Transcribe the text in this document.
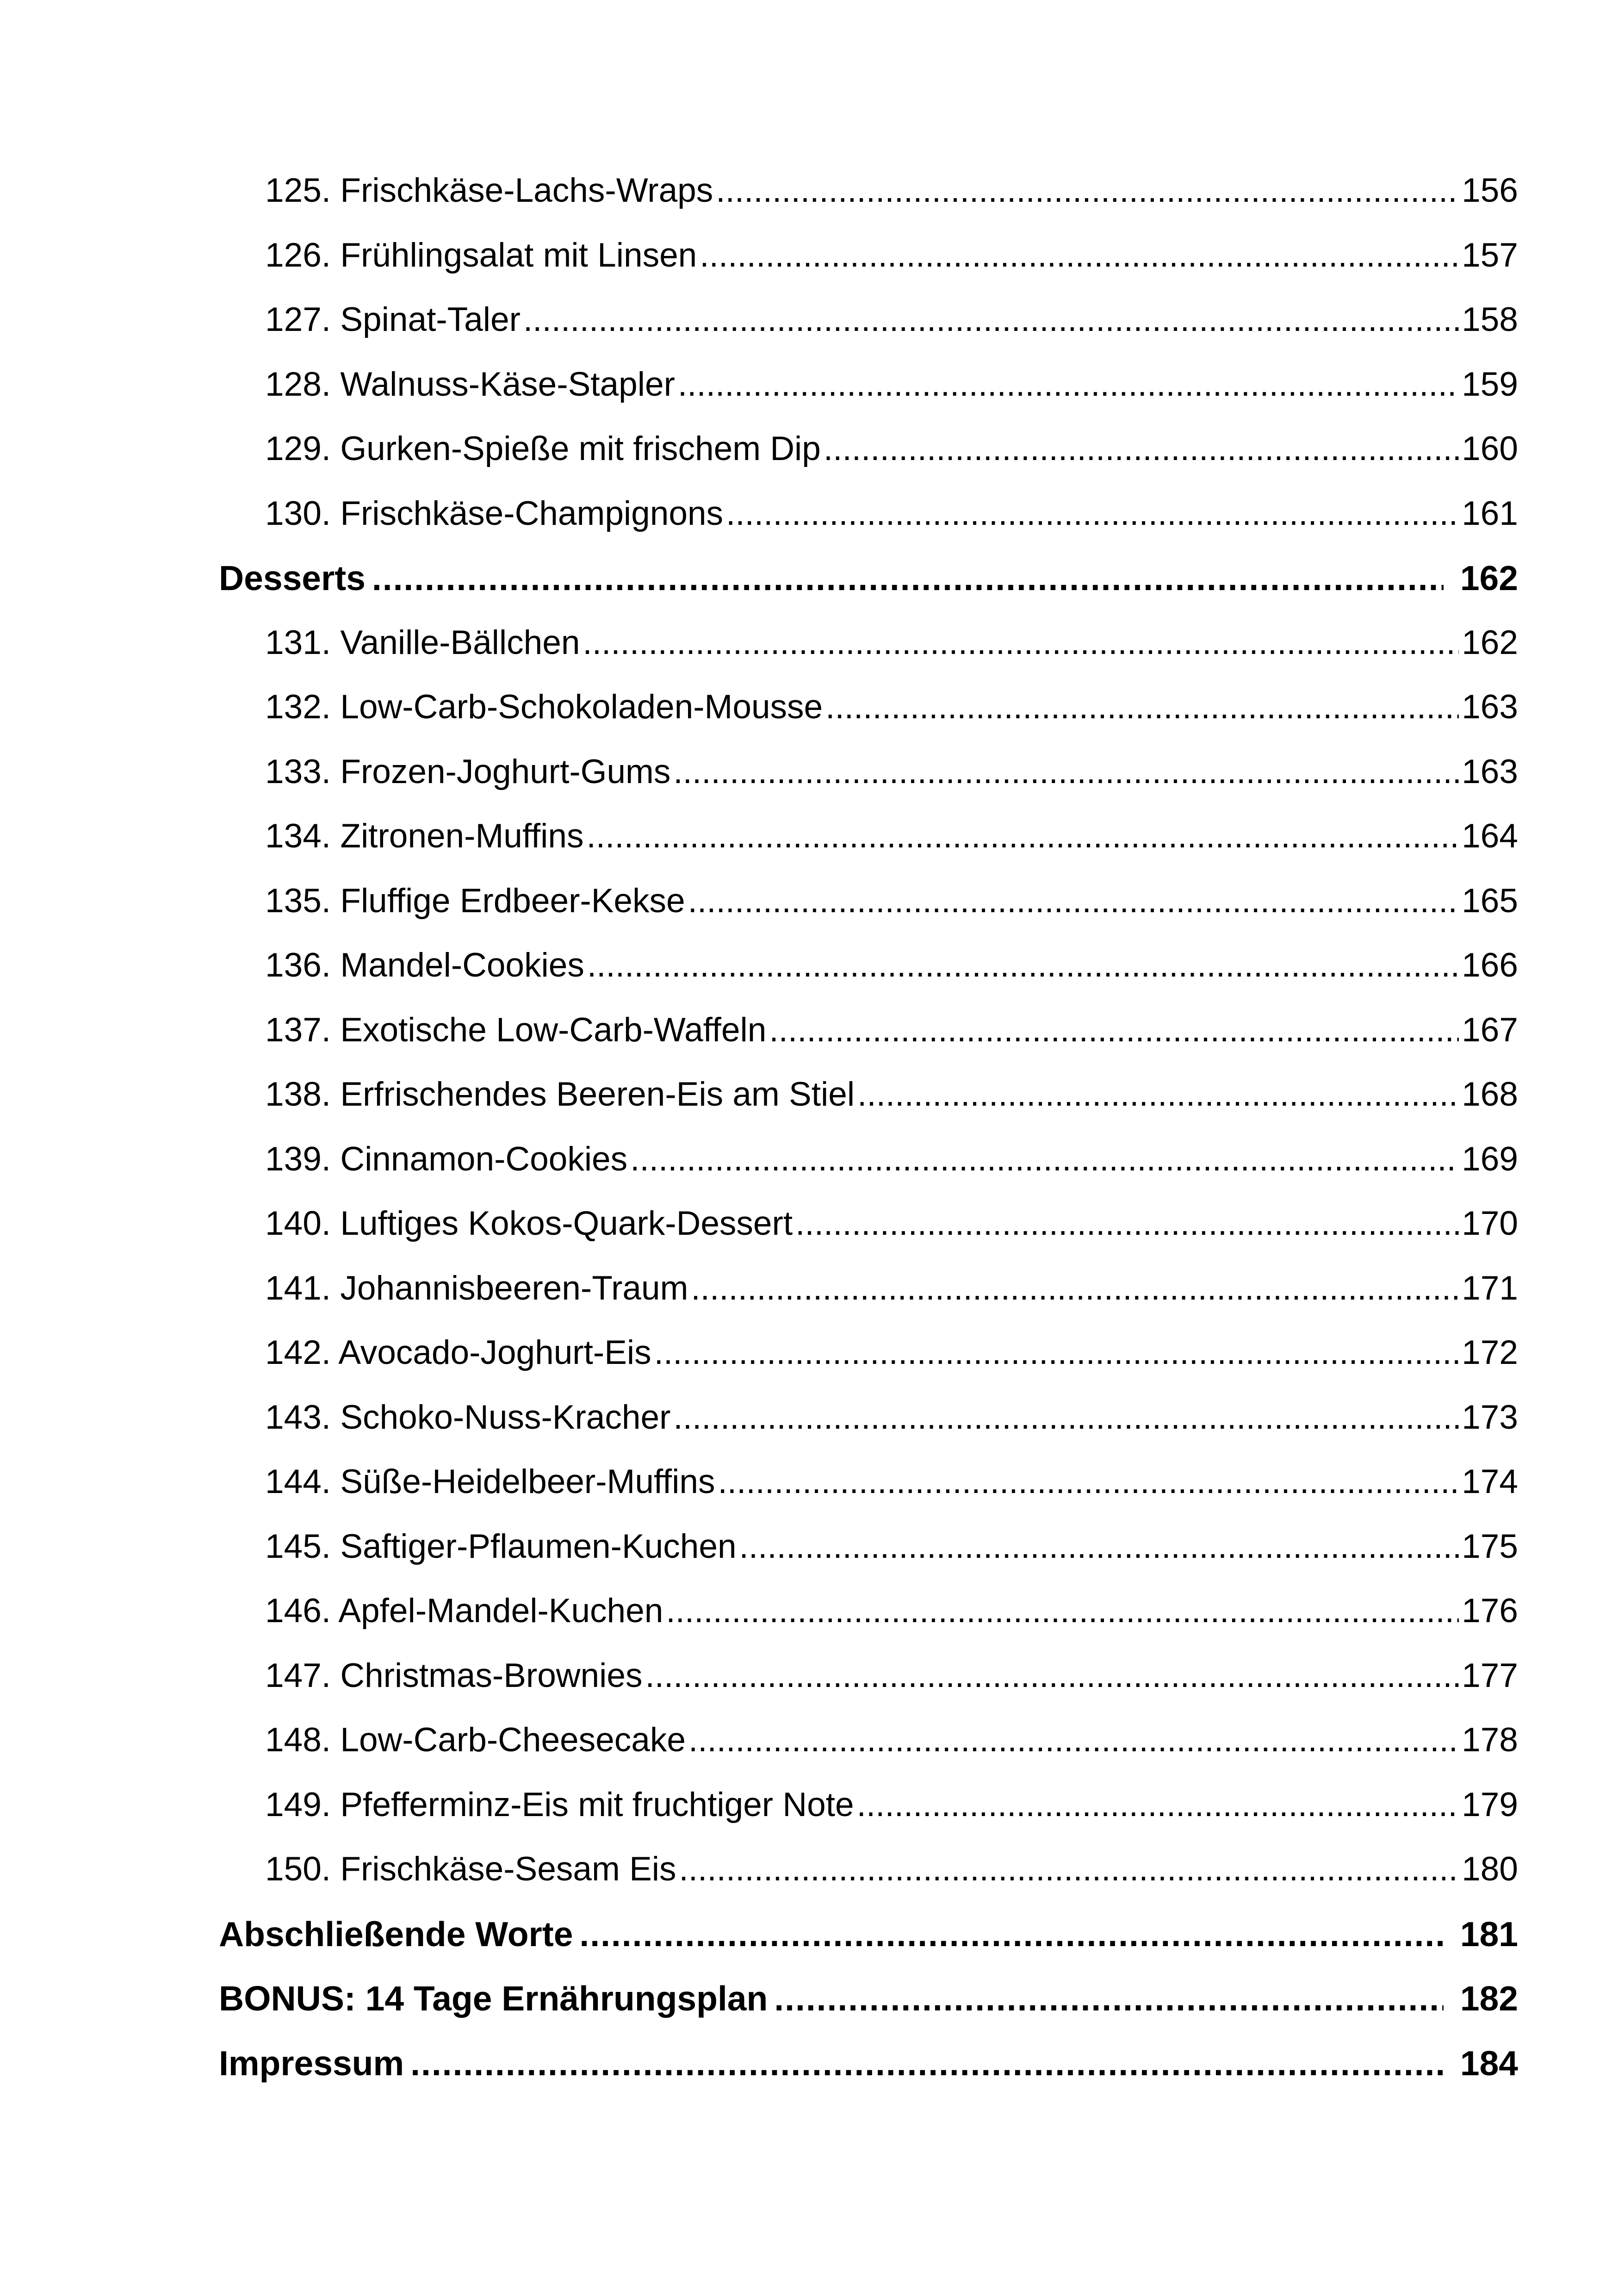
125. Frischkäse-Lachs-Wraps .....	156
126. Frühlingsalat mit Linsen .....	157
127. Spinat-Taler .....	158
128. Walnuss-Käse-Stapler .....	159
129. Gurken-Spieße mit frischem Dip .....	160
130. Frischkäse-Champignons .....	161
Desserts .....	162
131. Vanille-Bällchen .....	162
132. Low-Carb-Schokoladen-Mousse .....	163
133. Frozen-Joghurt-Gums .....	163
134. Zitronen-Muffins .....	164
135. Fluffige Erdbeer-Kekse .....	165
136. Mandel-Cookies .....	166
137. Exotische Low-Carb-Waffeln .....	167
138. Erfrischendes Beeren-Eis am Stiel .....	168
139. Cinnamon-Cookies .....	169
140. Luftiges Kokos-Quark-Dessert .....	170
141. Johannisbeeren-Traum .....	171
142. Avocado-Joghurt-Eis .....	172
143. Schoko-Nuss-Kracher .....	173
144. Süße-Heidelbeer-Muffins .....	174
145. Saftiger-Pflaumen-Kuchen .....	175
146. Apfel-Mandel-Kuchen .....	176
147. Christmas-Brownies .....	177
148. Low-Carb-Cheesecake .....	178
149. Pfefferminz-Eis mit fruchtiger Note .....	179
150. Frischkäse-Sesam Eis .....	180
Abschließende Worte .....	181
BONUS: 14 Tage Ernährungsplan .....	182
Impressum .....	184
